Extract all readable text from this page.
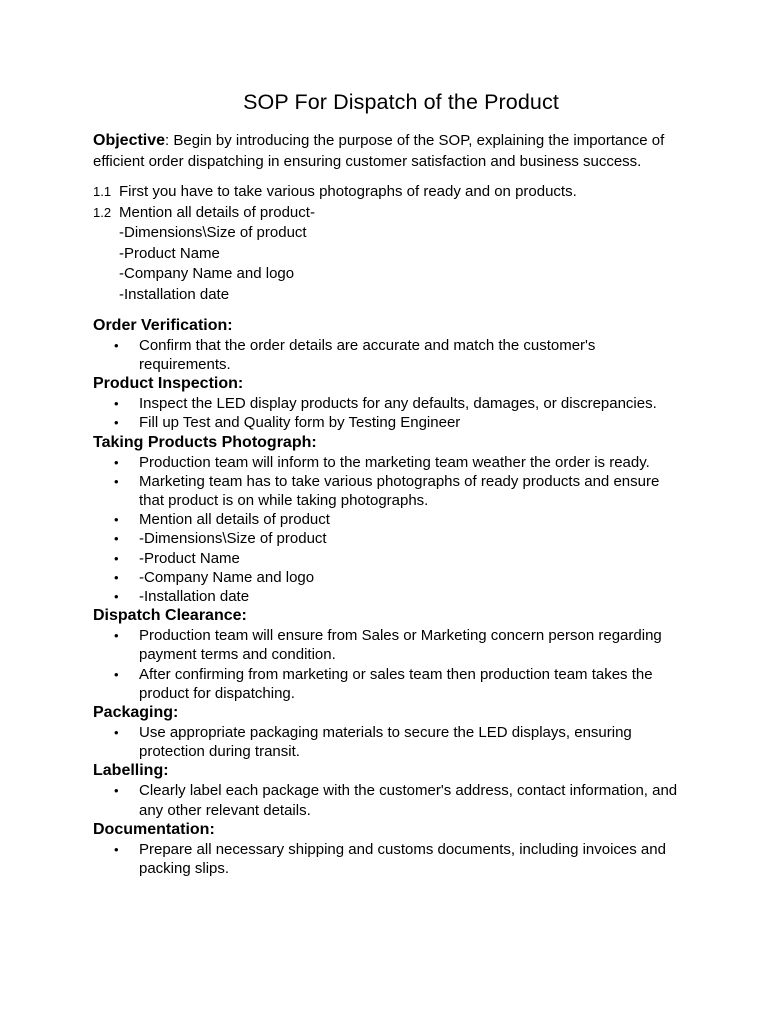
SOP For Dispatch of the Product

Objective: Begin by introducing the purpose of the SOP, explaining the importance of efficient order dispatching in ensuring customer satisfaction and business success.

1.1 First you have to take various photographs of ready and on products.
1.2 Mention all details of product-
-Dimensions\Size of product
-Product Name
-Company Name and logo
-Installation date
Order Verification:
•	Confirm that the order details are accurate and match the customer's requirements.
Product Inspection:
•	Inspect the LED display products for any defaults, damages, or discrepancies.
•	Fill up Test and Quality form by Testing Engineer
Taking Products Photograph:
•	Production team will inform to the marketing team weather the order is ready.
•	Marketing team has to take various photographs of ready products and ensure that product is on while taking photographs.
•	Mention all details of product
•	-Dimensions\Size of product
•	-Product Name
•	-Company Name and logo
•	-Installation date
Dispatch Clearance:
•	Production team will ensure from Sales or Marketing concern person regarding payment terms and condition.
•	After confirming from marketing or sales team then production team takes the product for dispatching.
Packaging:
•	Use appropriate packaging materials to secure the LED displays, ensuring protection during transit.
Labelling:
•	Clearly label each package with the customer's address, contact information, and any other relevant details.
Documentation:
•	Prepare all necessary shipping and customs documents, including invoices and packing slips.
